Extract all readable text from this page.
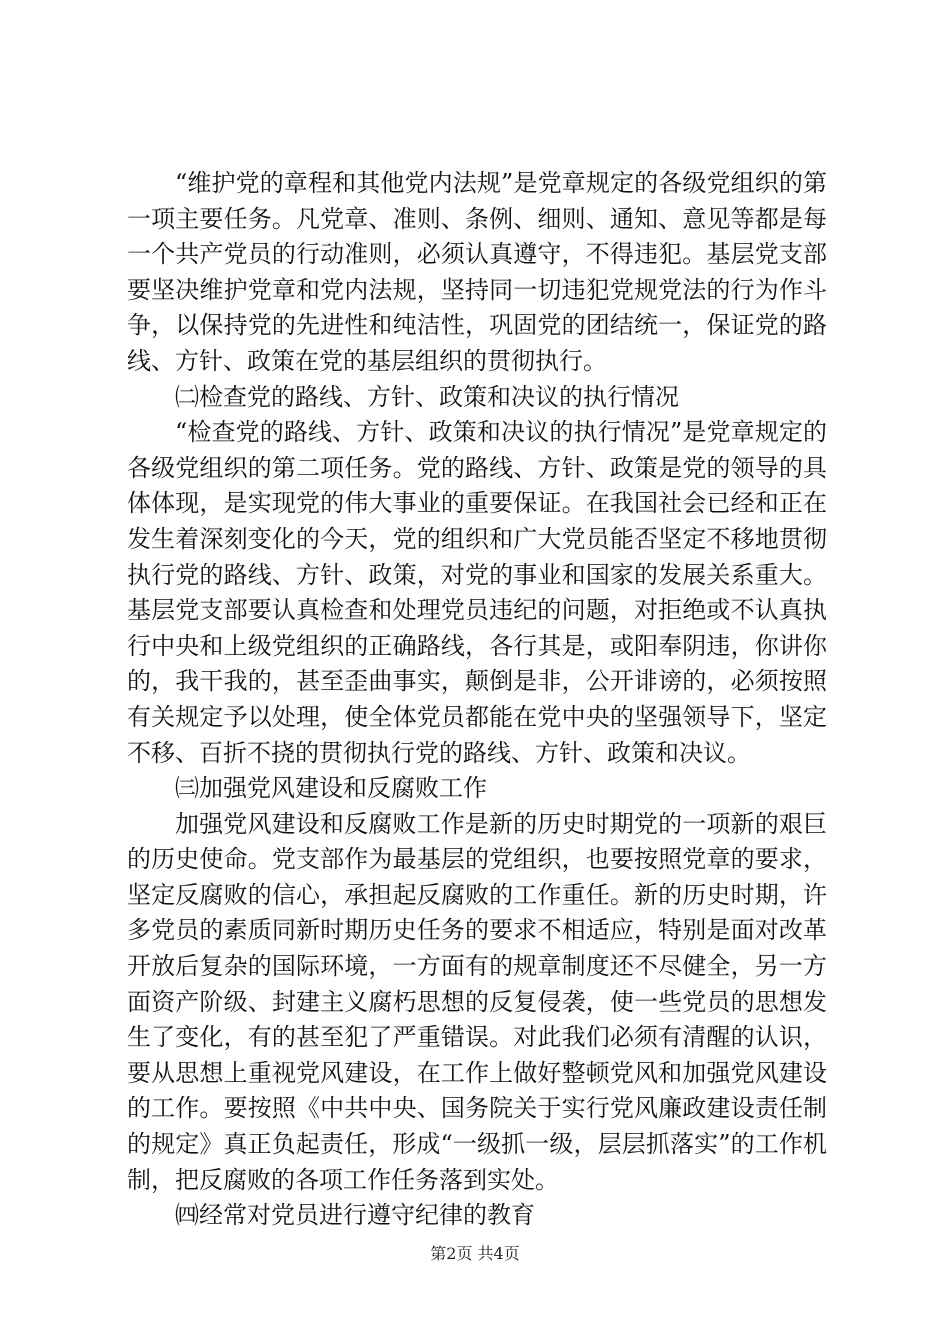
“维护党的章程和其他党内法规”是党章规定的各级党组织的第一项主要任务。凡党章、准则、条例、细则、通知、意见等都是每一个共产党员的行动准则，必须认真遵守，不得违犯。基层党支部要坚决维护党章和党内法规，坚持同一切违犯党规党法的行为作斗争，以保持党的先进性和纯洁性，巩固党的团结统一，保证党的路线、方针、政策在党的基层组织的贯彻执行。

㈡检查党的路线、方针、政策和决议的执行情况

“检查党的路线、方针、政策和决议的执行情况”是党章规定的各级党组织的第二项任务。党的路线、方针、政策是党的领导的具体体现，是实现党的伟大事业的重要保证。在我国社会已经和正在发生着深刻变化的今天，党的组织和广大党员能否坚定不移地贯彻执行党的路线、方针、政策，对党的事业和国家的发展关系重大。基层党支部要认真检查和处理党员违纪的问题，对拒绝或不认真执行中央和上级党组织的正确路线，各行其是，或阳奉阴违，你讲你的，我干我的，甚至歪曲事实，颠倒是非，公开诽谤的，必须按照有关规定予以处理，使全体党员都能在党中央的坚强领导下，坚定不移、百折不挠的贯彻执行党的路线、方针、政策和决议。

㈢加强党风建设和反腐败工作

加强党风建设和反腐败工作是新的历史时期党的一项新的艰巨的历史使命。党支部作为最基层的党组织，也要按照党章的要求，坚定反腐败的信心，承担起反腐败的工作重任。新的历史时期，许多党员的素质同新时期历史任务的要求不相适应，特别是面对改革开放后复杂的国际环境，一方面有的规章制度还不尽健全，另一方面资产阶级、封建主义腐朽思想的反复侵袭，使一些党员的思想发生了变化，有的甚至犯了严重错误。对此我们必须有清醒的认识，要从思想上重视党风建设，在工作上做好整顿党风和加强党风建设的工作。要按照《中共中央、国务院关于实行党风廉政建设责任制的规定》真正负起责任，形成“一级抓一级，层层抓落实”的工作机制，把反腐败的各项工作任务落到实处。

㈣经常对党员进行遵守纪律的教育

第2页 共4页
